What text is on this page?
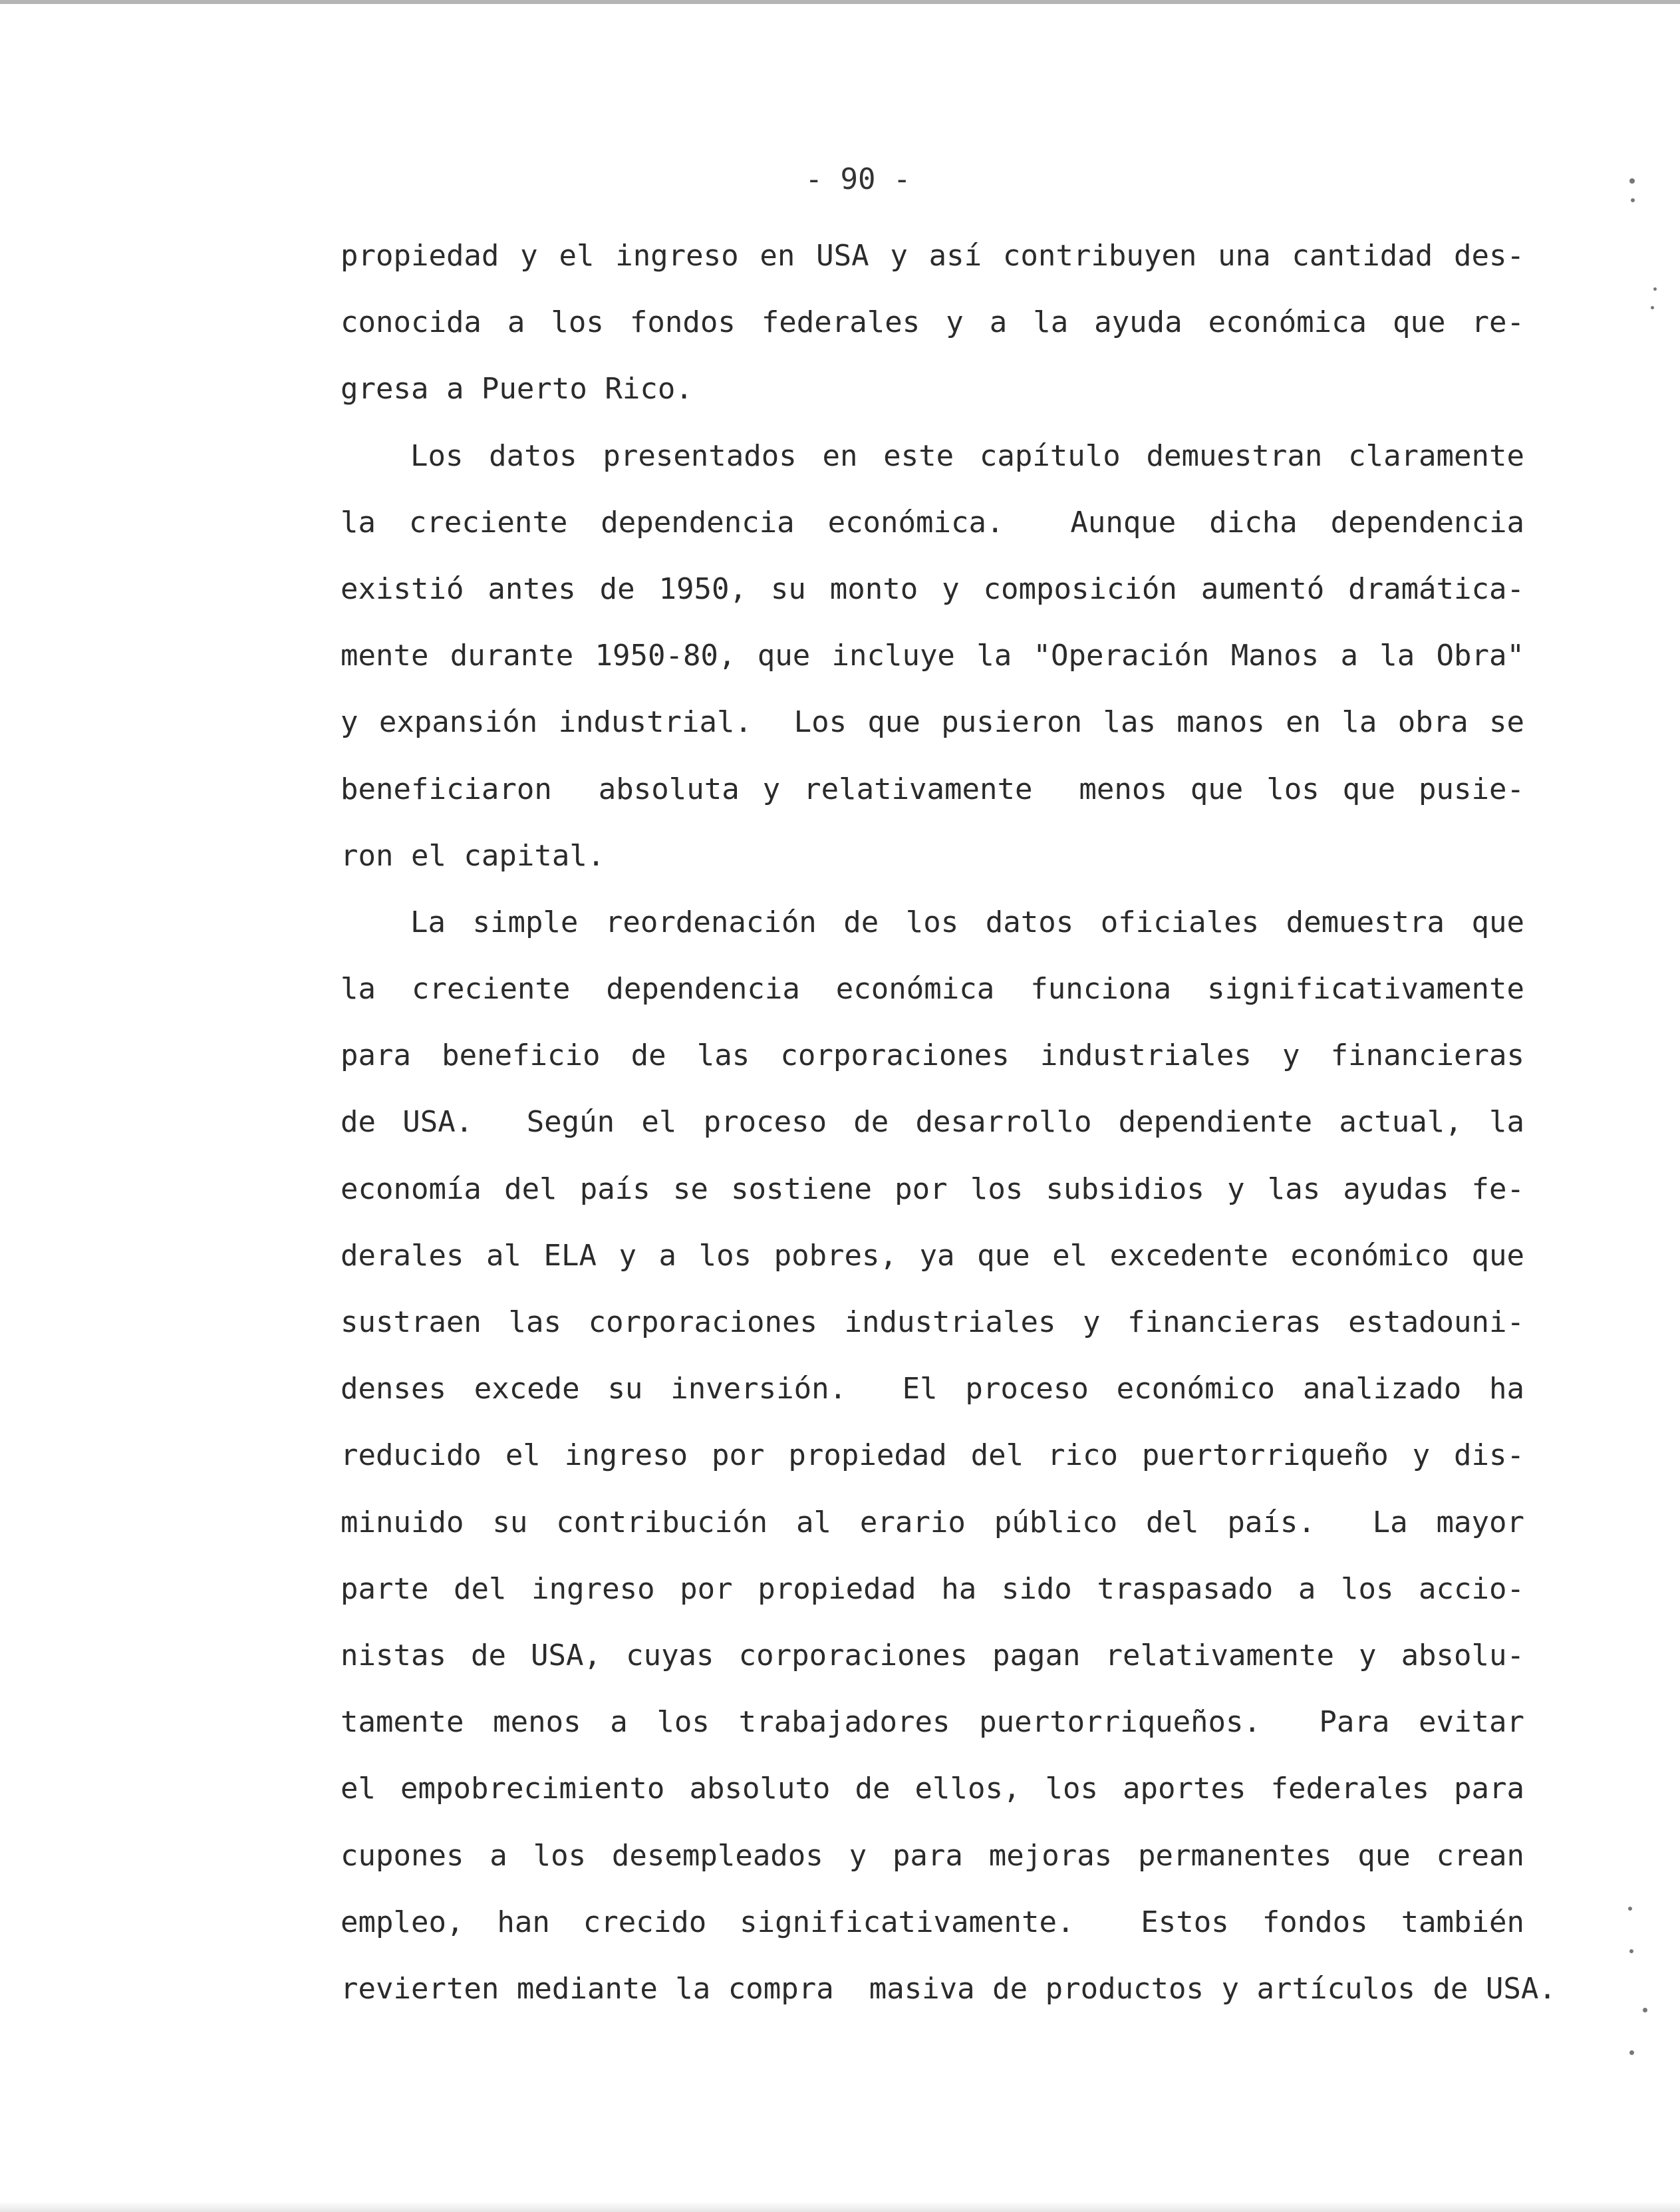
- 90 -
propiedad y el ingreso en USA y así contribuyen una cantidad des-
conocida a los fondos federales y a la ayuda económica que re-
gresa a Puerto Rico.
Los datos presentados en este capítulo demuestran claramente
la creciente dependencia económica.  Aunque dicha dependencia
existió antes de 1950, su monto y composición aumentó dramática-
mente durante 1950-80, que incluye la "Operación Manos a la Obra"
y expansión industrial.  Los que pusieron las manos en la obra se
beneficiaron  absoluta y relativamente  menos que los que pusie-
ron el capital.
La simple reordenación de los datos oficiales demuestra que
la creciente dependencia económica funciona significativamente
para beneficio de las corporaciones industriales y financieras
de USA.  Según el proceso de desarrollo dependiente actual, la
economía del país se sostiene por los subsidios y las ayudas fe-
derales al ELA y a los pobres, ya que el excedente económico que
sustraen las corporaciones industriales y financieras estadouni-
denses excede su inversión.  El proceso económico analizado ha
reducido el ingreso por propiedad del rico puertorriqueño y dis-
minuido su contribución al erario público del país.  La mayor
parte del ingreso por propiedad ha sido traspasado a los accio-
nistas de USA, cuyas corporaciones pagan relativamente y absolu-
tamente menos a los trabajadores puertorriqueños.  Para evitar
el empobrecimiento absoluto de ellos, los aportes federales para
cupones a los desempleados y para mejoras permanentes que crean
empleo, han crecido significativamente.  Estos fondos también
revierten mediante la compra  masiva de productos y artículos de USA.
